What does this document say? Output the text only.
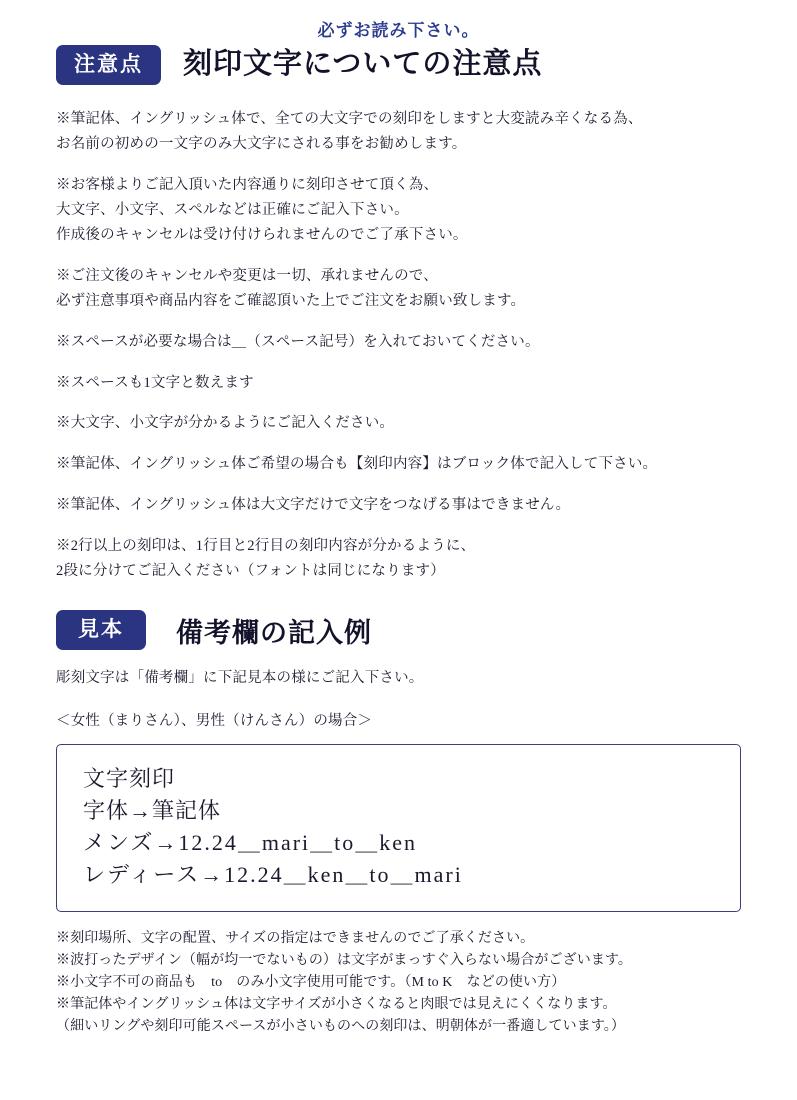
必ずお読み下さい。
注意点	刻印文字についての注意点
※筆記体、イングリッシュ体で、全ての大文字での刻印をしますと大変読み辛くなる為、
お名前の初めの一文字のみ大文字にされる事をお勧めします。
※お客様よりご記入頂いた内容通りに刻印させて頂く為、
大文字、小文字、スペルなどは正確にご記入下さい。
作成後のキャンセルは受け付けられませんのでご了承下さい。
※ご注文後のキャンセルや変更は一切、承れませんので、
必ず注意事項や商品内容をご確認頂いた上でご注文をお願い致します。
※スペースが必要な場合は＿（スペース記号）を入れておいてください。
※スペースも1文字と数えます
※大文字、小文字が分かるようにご記入ください。
※筆記体、イングリッシュ体ご希望の場合も【刻印内容】はブロック体で記入して下さい。
※筆記体、イングリッシュ体は大文字だけで文字をつなげる事はできません。
※2行以上の刻印は、1行目と2行目の刻印内容が分かるように、
2段に分けてご記入ください（フォントは同じになります）
見本	備考欄の記入例
彫刻文字は「備考欄」に下記見本の様にご記入下さい。
＜女性（まりさん）、男性（けんさん）の場合＞
文字刻印
字体→筆記体
メンズ→12.24＿mari＿to＿ken
レディース→12.24＿ken＿to＿mari
※刻印場所、文字の配置、サイズの指定はできませんのでご了承ください。
※波打ったデザイン（幅が均一でないもの）は文字がまっすぐ入らない場合がございます。
※小文字不可の商品も　to　のみ小文字使用可能です。（M to K　などの使い方）
※筆記体やイングリッシュ体は文字サイズが小さくなると肉眼では見えにくくなります。
（細いリングや刻印可能スペースが小さいものへの刻印は、明朝体が一番適しています。）
